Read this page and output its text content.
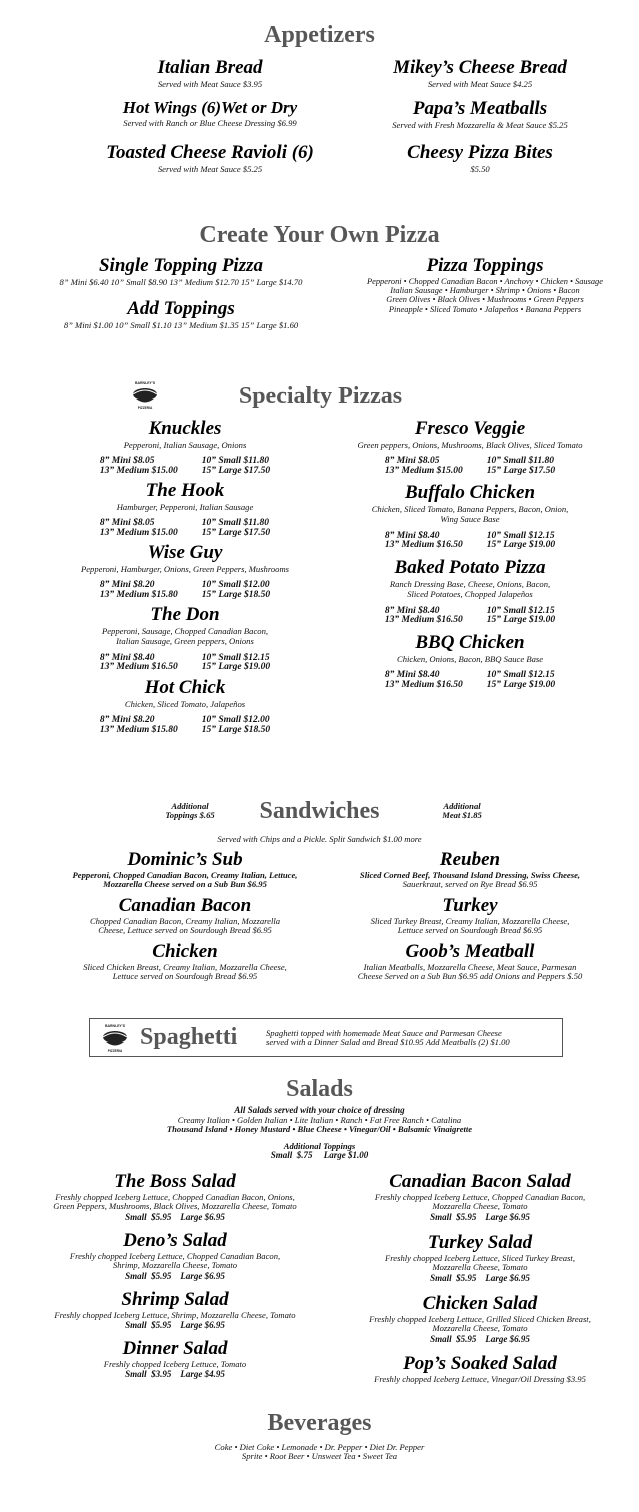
Appetizers
Italian Bread
Served with Meat Sauce $3.95
Mikey’s Cheese Bread
Served with Meat Sauce $4.25
Hot Wings (6)Wet or Dry
Served with Ranch or Blue Cheese Dressing $6.99
Papa’s Meatballs
Served with Fresh Mozzarella & Meat Sauce $5.25
Toasted Cheese Ravioli (6)
Served with Meat Sauce $5.25
Cheesy Pizza Bites
$5.50
Create Your Own Pizza
Single Topping Pizza
8” Mini $6.40 10” Small $8.90 13” Medium $12.70 15” Large $14.70
Add Toppings
8” Mini $1.00 10” Small $1.10 13” Medium $1.35 15” Large $1.60
Pizza Toppings
Pepperoni • Chopped Canadian Bacon • Anchovy • Chicken • Sausage
Italian Sausage • Hamburger • Shrimp • Onions • Bacon
Green Olives • Black Olives • Mushrooms • Green Peppers
Pineapple • Sliced Tomato • Jalapeños • Banana Peppers
BARNLEY'S
PIZZERIA	Specialty Pizzas
Knuckles
Pepperoni, Italian Sausage, Onions
8” Mini $8.05	10” Small $11.80
13” Medium $15.00	15” Large $17.50
The Hook
Hamburger, Pepperoni, Italian Sausage
8” Mini $8.05	10” Small $11.80
13” Medium $15.00	15” Large $17.50
Wise Guy
Pepperoni, Hamburger, Onions, Green Peppers, Mushrooms
8” Mini $8.20	10” Small $12.00
13” Medium $15.80	15” Large $18.50
The Don
Pepperoni, Sausage, Chopped Canadian Bacon,
Italian Sausage, Green peppers, Onions
8” Mini $8.40	10” Small $12.15
13” Medium $16.50	15” Large $19.00
Hot Chick
Chicken, Sliced Tomato, Jalapeños
8” Mini $8.20	10” Small $12.00
13” Medium $15.80	15” Large $18.50
Fresco Veggie
Green peppers, Onions, Mushrooms, Black Olives, Sliced Tomato
8” Mini $8.05	10” Small $11.80
13” Medium $15.00	15” Large $17.50
Buffalo Chicken
Chicken, Sliced Tomato, Banana Peppers, Bacon, Onion,
Wing Sauce Base
8” Mini $8.40	10” Small $12.15
13” Medium $16.50	15” Large $19.00
Baked Potato Pizza
Ranch Dressing Base, Cheese, Onions, Bacon,
Sliced Potatoes, Chopped Jalapeños
8” Mini $8.40	10” Small $12.15
13” Medium $16.50	15” Large $19.00
BBQ Chicken
Chicken, Onions, Bacon, BBQ Sauce Base
8” Mini $8.40	10” Small $12.15
13” Medium $16.50	15” Large $19.00
Additional
Toppings $.65	Sandwiches	Additional
Meat $1.85
Served with Chips and a Pickle. Split Sandwich $1.00 more
Dominic’s Sub
Pepperoni, Chopped Canadian Bacon, Creamy Italian, Lettuce,
Mozzarella Cheese served on a Sub Bun $6.95
Canadian Bacon
Chopped Canadian Bacon, Creamy Italian, Mozzarella
Cheese, Lettuce served on Sourdough Bread $6.95
Chicken
Sliced Chicken Breast, Creamy Italian, Mozzarella Cheese,
Lettuce served on Sourdough Bread $6.95
Reuben
Sliced Corned Beef, Thousand Island Dressing, Swiss Cheese,
Sauerkraut, served on Rye Bread $6.95
Turkey
Sliced Turkey Breast, Creamy Italian, Mozzarella Cheese,
Lettuce served on Sourdough Bread $6.95
Goob’s Meatball
Italian Meatballs, Mozzarella Cheese, Meat Sauce, Parmesan
Cheese Served on a Sub Bun $6.95 add Onions and Peppers $.50
BARNLEY'S
PIZZERIA
Spaghetti	Spaghetti topped with homemade Meat Sauce and Parmesan Cheese
served with a Dinner Salad and Bread $10.95 Add Meatballs (2) $1.00
Salads
All Salads served with your choice of dressing
Creamy Italian • Golden Italian • Lite Italian • Ranch • Fat Free Ranch • Catalina
Thousand Island • Honey Mustard • Blue Cheese • Vinegar/Oil • Balsamic Vinaigrette
Additional Toppings
Small  $.75     Large $1.00
The Boss Salad
Freshly chopped Iceberg Lettuce, Chopped Canadian Bacon, Onions,
Green Peppers, Mushrooms, Black Olives, Mozzarella Cheese, Tomato
Small  $5.95    Large $6.95
Deno’s Salad
Freshly chopped Iceberg Lettuce, Chopped Canadian Bacon,
Shrimp, Mozzarella Cheese, Tomato
Small  $5.95    Large $6.95
Shrimp Salad
Freshly chopped Iceberg Lettuce, Shrimp, Mozzarella Cheese, Tomato
Small  $5.95    Large $6.95
Dinner Salad
Freshly chopped Iceberg Lettuce, Tomato
Small  $3.95    Large $4.95
Canadian Bacon Salad
Freshly chopped Iceberg Lettuce, Chopped Canadian Bacon,
Mozzarella Cheese, Tomato
Small  $5.95    Large $6.95
Turkey Salad
Freshly chopped Iceberg Lettuce, Sliced Turkey Breast,
Mozzarella Cheese, Tomato
Small  $5.95    Large $6.95
Chicken Salad
Freshly chopped Iceberg Lettuce, Grilled Sliced Chicken Breast,
Mozzarella Cheese, Tomato
Small  $5.95    Large $6.95
Pop’s Soaked Salad
Freshly chopped Iceberg Lettuce, Vinegar/Oil Dressing $3.95
Beverages
Coke • Diet Coke • Lemonade • Dr. Pepper • Diet Dr. Pepper
Sprite • Root Beer • Unsweet Tea • Sweet Tea
